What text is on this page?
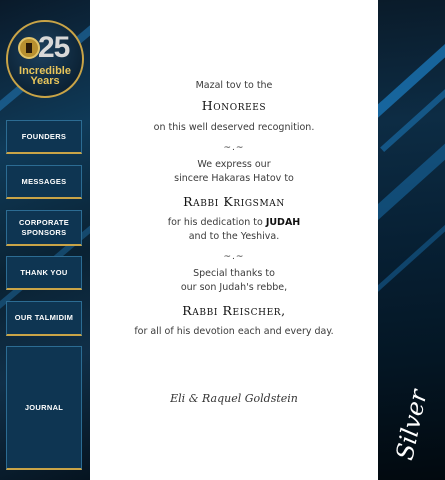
25
Incredible
Years
FOUNDERS
MESSAGES
CORPORATE SPONSORS
THANK YOU
OUR TALMIDIM
JOURNAL
Mazal tov to the
Honorees
on this well deserved recognition.
~.~
We express our
sincere Hakaras Hatov to
Rabbi Krigsman
for his dedication to JUDAH
and to the Yeshiva.
~.~
Special thanks to
our son Judah's rebbe,
Rabbi Reischer,
for all of his devotion each and every day.
Eli & Raquel Goldstein	Silver
